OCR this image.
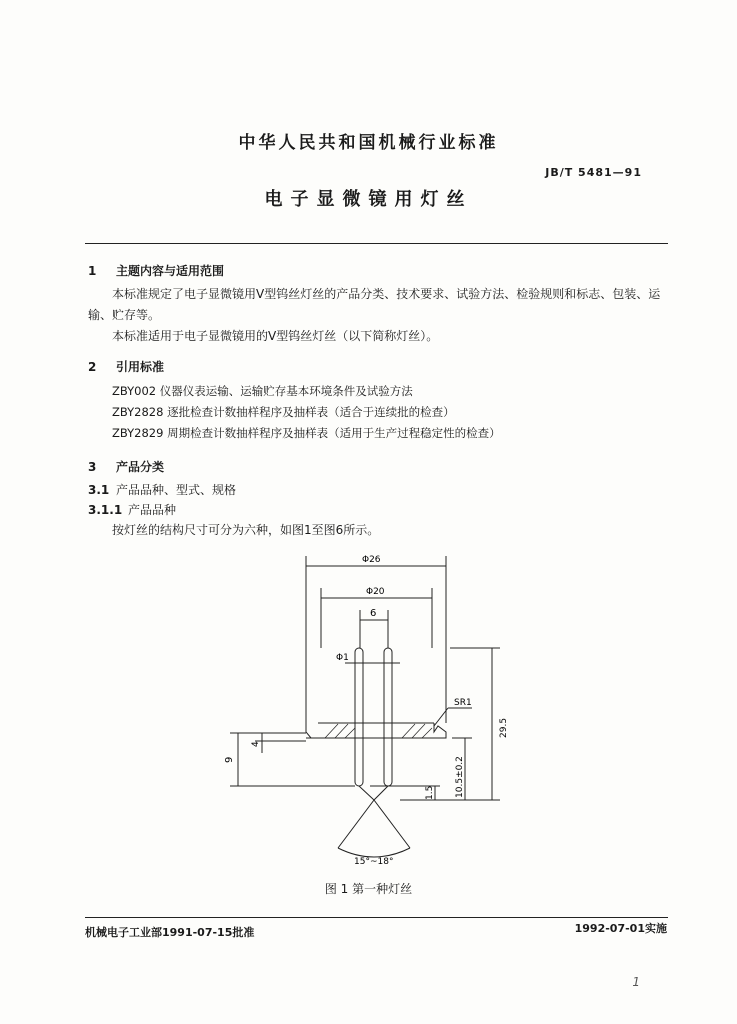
中华人民共和国机械行业标准
JB/T 5481—91
电子显微镜用灯丝
1 主题内容与适用范围
本标准规定了电子显微镜用V型钨丝灯丝的产品分类、技术要求、试验方法、检验规则和标志、包装、运输、贮存等。
本标准适用于电子显微镜用的V型钨丝灯丝（以下简称灯丝）。
2 引用标准
ZBY002 仪器仪表运输、运输贮存基本环境条件及试验方法
ZBY2828 逐批检查计数抽样程序及抽样表（适合于连续批的检查）
ZBY2829 周期检查计数抽样程序及抽样表（适用于生产过程稳定性的检查）
3 产品分类
3.1 产品品种、型式、规格
3.1.1 产品品种
按灯丝的结构尺寸可分为六种，如图1至图6所示。
Φ26
Φ20
6
Φ1
SR1
29.5
10.5±0.2
1.5
9
4
15°~18°
图 1 第一种灯丝
机械电子工业部1991-07-15批准	1992-07-01实施
1
